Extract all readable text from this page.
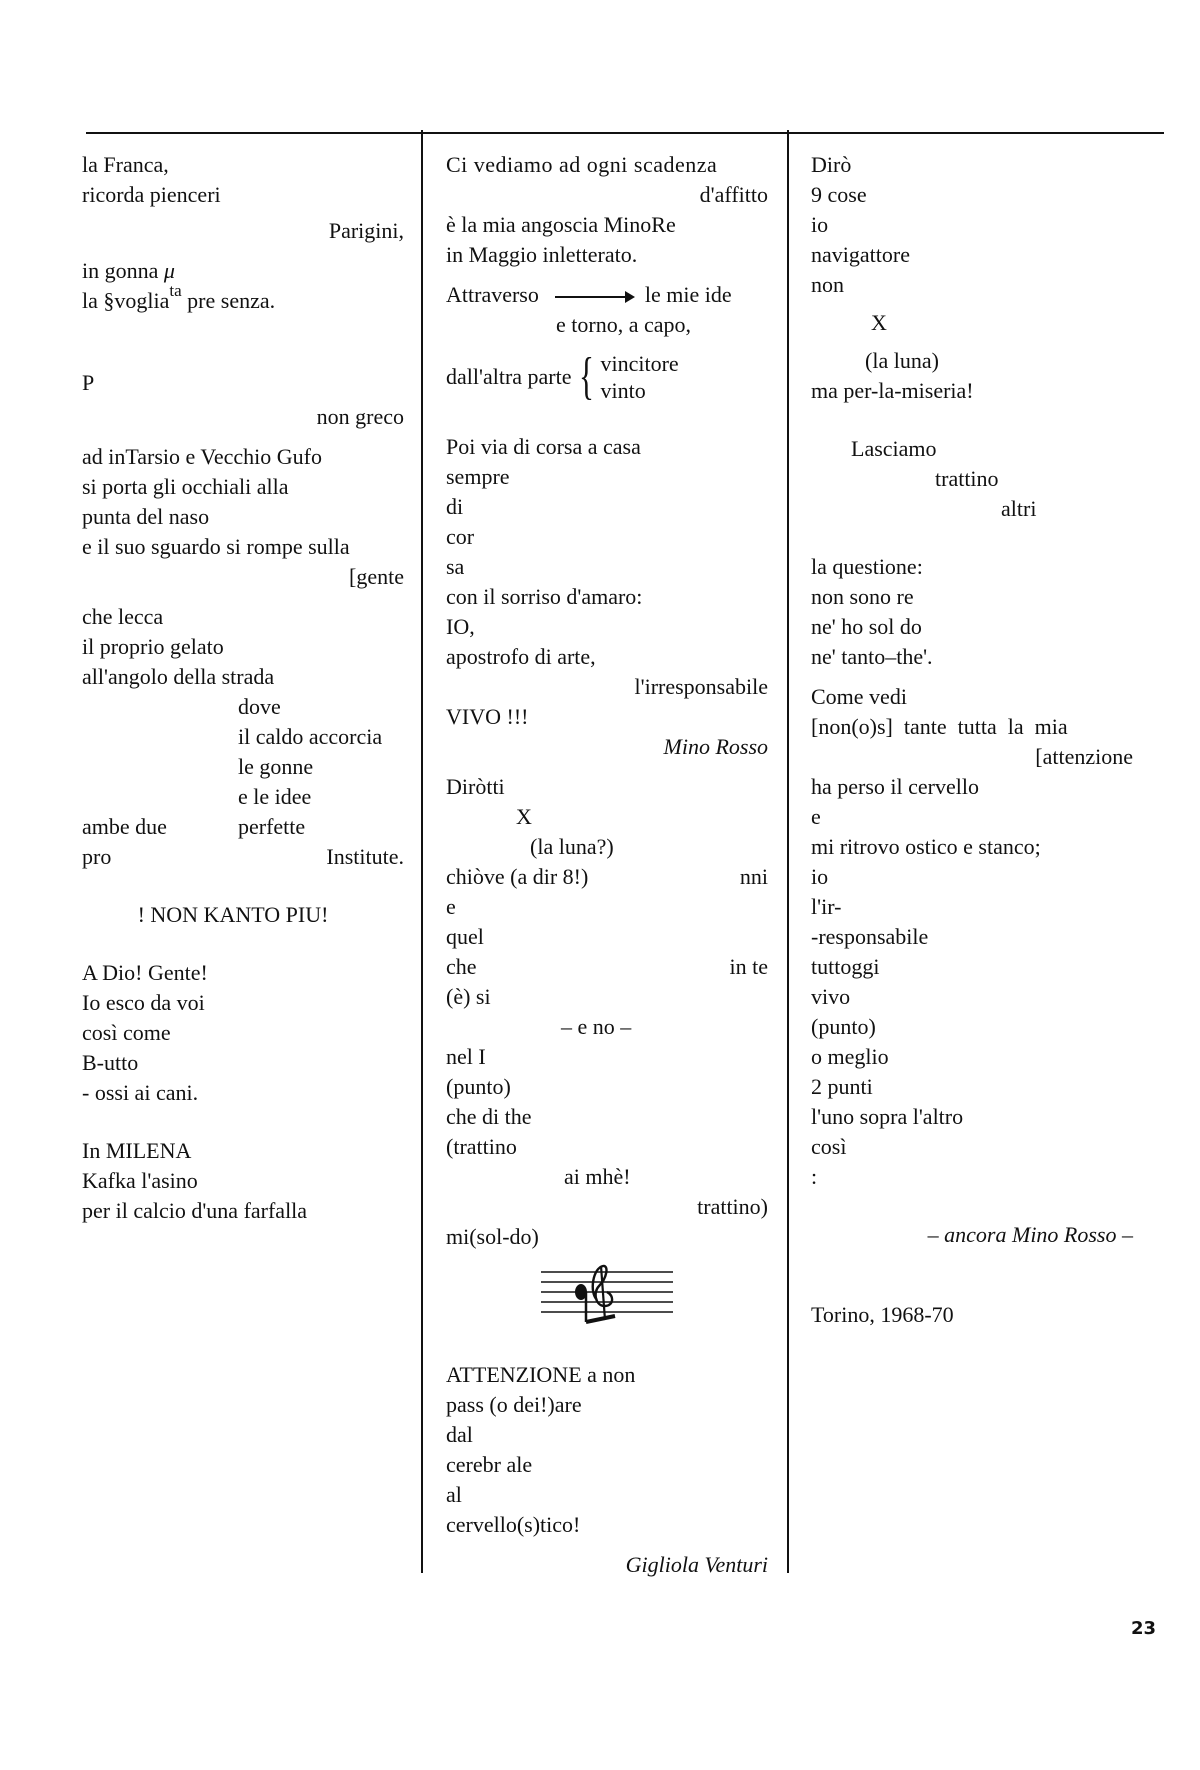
la Franca,
ricorda pienceri
Parigini,
in gonna μ
la §voglia$^{ta}$ pre senza.
P
non greco
ad inTarsio e Vecchio Gufo
si porta gli occhiali alla
punta del naso
e il suo sguardo si rompe sulla
[gente
che lecca
il proprio gelato
all'angolo della strada
dove
il caldo accorcia
le gonne
e le idee
ambe due	perfette
pro	Institute.
! NON KANTO PIU!
A Dio! Gente!
Io esco da voi
così come
B-utto
- ossi ai cani.
In MILENA
Kafka l'asino
per il calcio d'una farfalla
Ci vediamo ad ogni scadenza
d'affitto
è la mia angoscia MinoRe
in Maggio inletterato.
Attraverso	le mie ide
e torno, a capo,
dall'altra parte { vincitore
vinto
Poi via di corsa a casa
sempre
di
cor
sa
con il sorriso d'amaro:
IO,
apostrofo di arte,
l'irresponsabile
VIVO !!!
Mino Rosso
Diròtti
X
(la luna?)
chiòve (a dir 8!)	nni
e
quel
che	in te
(è) si
– e no –
nel I
(punto)
che di the
(trattino
ai mhè!
trattino)
mi(sol-do)
ATTENZIONE a non
pass (o dei!)are
dal
cerebr ale
al
cervello(s)tico!
Gigliola Venturi
Dirò
9 cose
io
navigattore
non
X
(la luna)
ma per-la-miseria!
Lasciamo
trattino
altri
la questione:
non sono re
ne' ho sol do
ne' tanto–the'.
Come vedi
[non(o)s]  tante  tutta  la  mia
[attenzione
ha perso il cervello
e
mi ritrovo ostico e stanco;
io
l'ir-
-responsabile
tuttoggi
vivo
(punto)
o meglio
2 punti
l'uno sopra l'altro
così
:
– ancora Mino Rosso –
Torino, 1968-70
23
